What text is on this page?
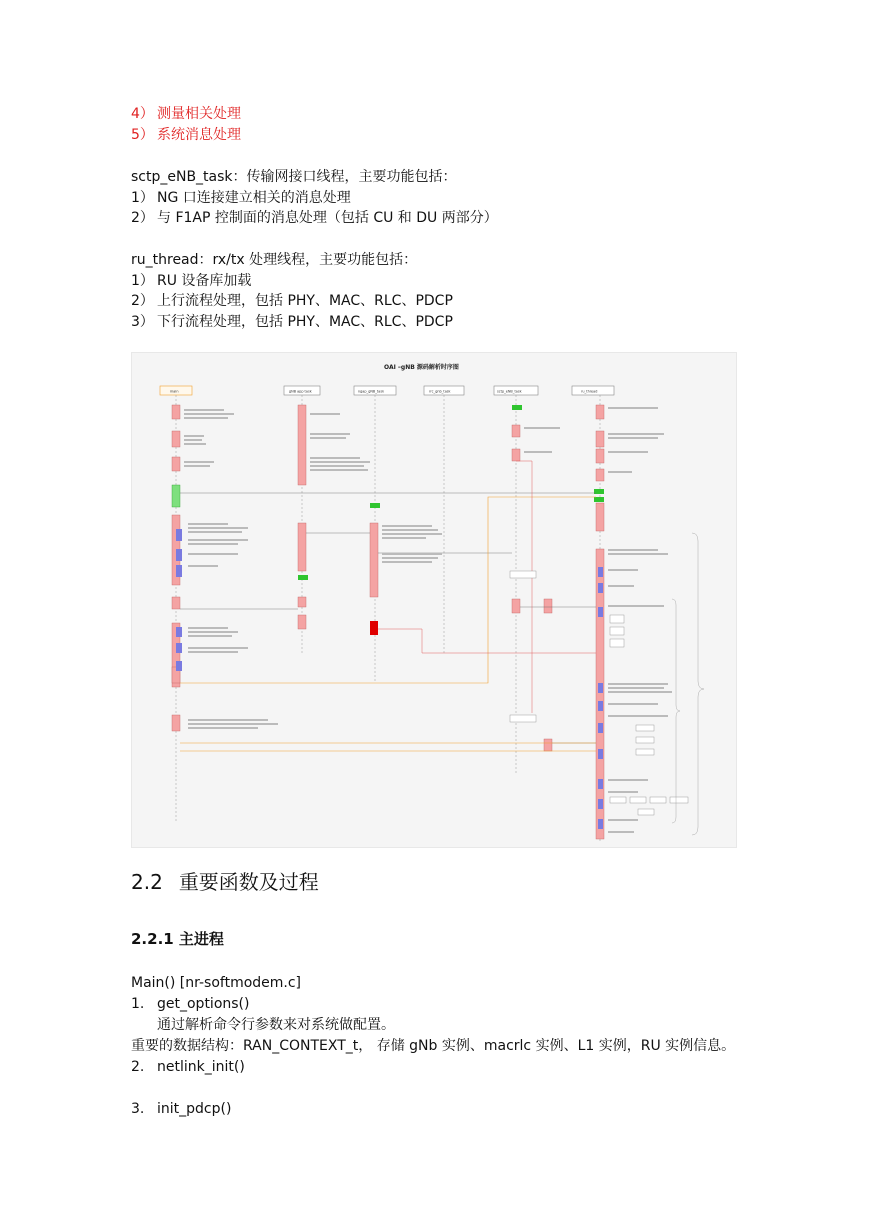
4） 测量相关处理
5） 系统消息处理
sctp_eNB_task：传输网接口线程，主要功能包括：
1） NG 口连接建立相关的消息处理
2） 与 F1AP 控制面的消息处理（包括 CU 和 DU 两部分）
ru_thread：rx/tx 处理线程，主要功能包括：
1） RU 设备库加载
2） 上行流程处理，包括 PHY、MAC、RLC、PDCP
3） 下行流程处理，包括 PHY、MAC、RLC、PDCP
OAI –gNB 源码解析时序图
main	gNB app task	ngap_gNB_task	rrc_gnb_task	sctp_eNB_task	ru_thread
2.2 重要函数及过程
2.2.1 主进程
Main() [nr-softmodem.c]
1. get_options()
通过解析命令行参数来对系统做配置。
重要的数据结构：RAN_CONTEXT_t， 存储 gNb 实例、macrlc 实例、L1 实例，RU 实例信息。
2. netlink_init()
3. init_pdcp()
